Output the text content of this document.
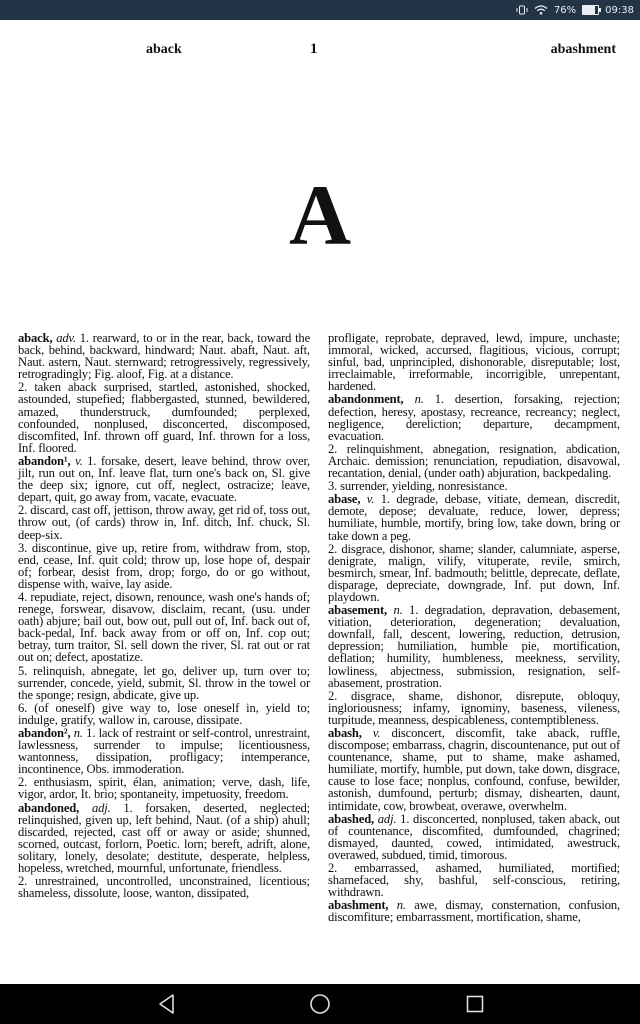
76%	09:38
aback	1	abashment
A
aback, adv. 1. rearward, to or in the rear, back, toward the back, behind, backward, hindward; Naut. abaft, Naut. aft, Naut. astern, Naut. sternward; retrogressively, regressively, retrogradingly; Fig. aloof, Fig. at a distance.
2. taken aback surprised, startled, astonished, shocked, astounded, stupefied; flabbergasted, stunned, bewildered, amazed, thunderstruck, dumfounded; perplexed, confounded, nonplused, disconcerted, discomposed, discomfited, Inf. thrown off guard, Inf. thrown for a loss, Inf. floored.
abandon¹, v. 1. forsake, desert, leave behind, throw over, jilt, run out on, Inf. leave flat, turn one's back on, Sl. give the deep six; ignore, cut off, neglect, ostracize; leave, depart, quit, go away from, vacate, evacuate.
2. discard, cast off, jettison, throw away, get rid of, toss out, throw out, (of cards) throw in, Inf. ditch, Inf. chuck, Sl. deep-six.
3. discontinue, give up, retire from, withdraw from, stop, end, cease, Inf. quit cold; throw up, lose hope of, despair of; forbear, desist from, drop; forgo, do or go without, dispense with, waive, lay aside.
4. repudiate, reject, disown, renounce, wash one's hands of; renege, forswear, disavow, disclaim, recant, (usu. under oath) abjure; bail out, bow out, pull out of, Inf. back out of, back-pedal, Inf. back away from or off on, Inf. cop out; betray, turn traitor, Sl. sell down the river, Sl. rat out or rat out on; defect, apostatize.
5. relinquish, abnegate, let go, deliver up, turn over to; surrender, concede, yield, submit, Sl. throw in the towel or the sponge; resign, abdicate, give up.
6. (of oneself) give way to, lose oneself in, yield to; indulge, gratify, wallow in, carouse, dissipate.
abandon², n. 1. lack of restraint or self-control, unrestraint, lawlessness, surrender to impulse; licentiousness, wantonness, dissipation, profligacy; intemperance, incontinence, Obs. immoderation.
2. enthusiasm, spirit, élan, animation; verve, dash, life, vigor, ardor, It. brio; spontaneity, impetuosity, freedom.
abandoned, adj. 1. forsaken, deserted, neglected; relinquished, given up, left behind, Naut. (of a ship) ahull; discarded, rejected, cast off or away or aside; shunned, scorned, outcast, forlorn, Poetic. lorn; bereft, adrift, alone, solitary, lonely, desolate; destitute, desperate, helpless, hopeless, wretched, mournful, unfortunate, friendless.
2. unrestrained, uncontrolled, unconstrained, licentious; shameless, dissolute, loose, wanton, dissipated,
profligate, reprobate, depraved, lewd, impure, unchaste; immoral, wicked, accursed, flagitious, vicious, corrupt; sinful, bad, unprincipled, dishonorable, disreputable; lost, irreclaimable, irreformable, incorrigible, unrepentant, hardened.
abandonment, n. 1. desertion, forsaking, rejection; defection, heresy, apostasy, recreance, recreancy; neglect, negligence, dereliction; departure, decampment, evacuation.
2. relinquishment, abnegation, resignation, abdication, Archaic. demission; renunciation, repudiation, disavowal, recantation, denial, (under oath) abjuration, backpedaling.
3. surrender, yielding, nonresistance.
abase, v. 1. degrade, debase, vitiate, demean, discredit, demote, depose; devaluate, reduce, lower, depress; humiliate, humble, mortify, bring low, take down, bring or take down a peg.
2. disgrace, dishonor, shame; slander, calumniate, asperse, denigrate, malign, vilify, vituperate, revile, smirch, besmirch, smear, Inf. badmouth; belittle, deprecate, deflate, disparage, depreciate, downgrade, Inf. put down, Inf. playdown.
abasement, n. 1. degradation, depravation, debasement, vitiation, deterioration, degeneration; devaluation, downfall, fall, descent, lowering, reduction, detrusion, depression; humiliation, humble pie, mortification, deflation; humility, humbleness, meekness, servility, lowliness, abjectness, submission, resignation, self-abasement, prostration.
2. disgrace, shame, dishonor, disrepute, obloquy, ingloriousness; infamy, ignominy, baseness, vileness, turpitude, meanness, despicableness, contemptibleness.
abash, v. disconcert, discomfit, take aback, ruffle, discompose; embarrass, chagrin, discountenance, put out of countenance, shame, put to shame, make ashamed, humiliate, mortify, humble, put down, take down, disgrace, cause to lose face; nonplus, confound, confuse, bewilder, astonish, dumfound, perturb; dismay, dishearten, daunt, intimidate, cow, browbeat, overawe, overwhelm.
abashed, adj. 1. disconcerted, nonplused, taken aback, out of countenance, discomfited, dumfounded, chagrined; dismayed, daunted, cowed, intimidated, awestruck, overawed, subdued, timid, timorous.
2. embarrassed, ashamed, humiliated, mortified; shamefaced, shy, bashful, self-conscious, retiring, withdrawn.
abashment, n. awe, dismay, consternation, confusion, discomfiture; embarrassment, mortification, shame,
